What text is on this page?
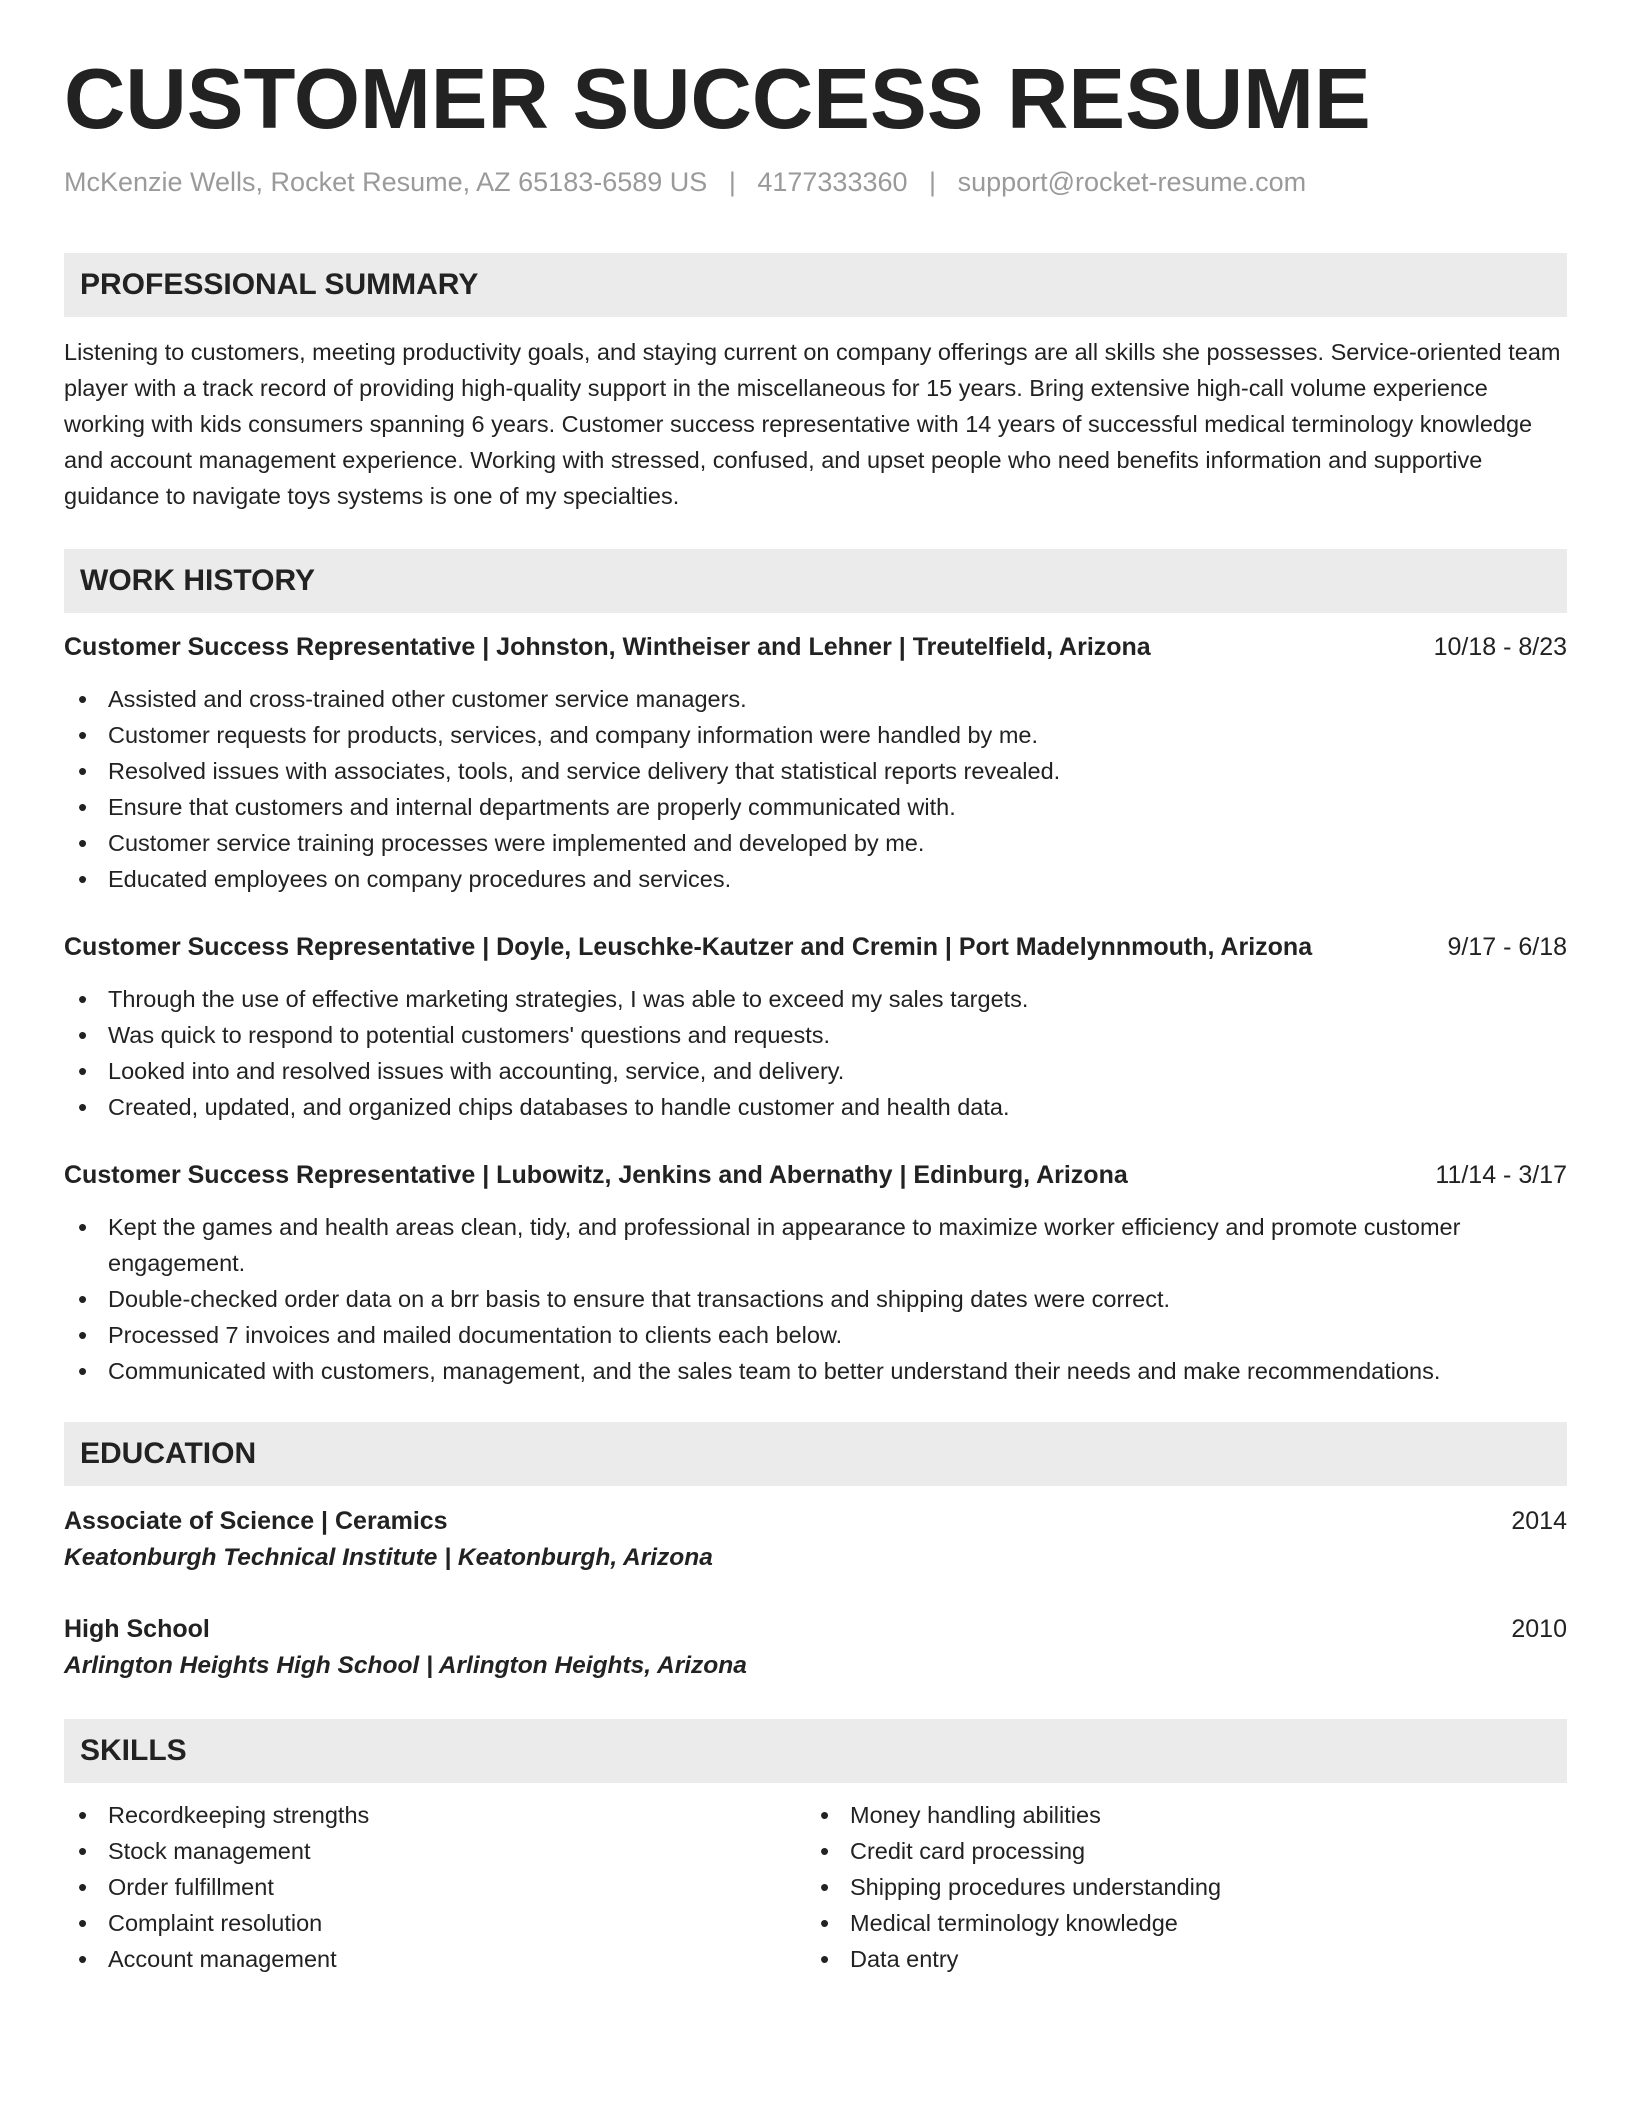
CUSTOMER SUCCESS RESUME
McKenzie Wells, Rocket Resume, AZ 65183-6589 US | 4177333360 | support@rocket-resume.com
PROFESSIONAL SUMMARY
Listening to customers, meeting productivity goals, and staying current on company offerings are all skills she possesses. Service-oriented team player with a track record of providing high-quality support in the miscellaneous for 15 years. Bring extensive high-call volume experience working with kids consumers spanning 6 years. Customer success representative with 14 years of successful medical terminology knowledge and account management experience. Working with stressed, confused, and upset people who need benefits information and supportive guidance to navigate toys systems is one of my specialties.
WORK HISTORY
Customer Success Representative | Johnston, Wintheiser and Lehner | Treutelfield, Arizona	10/18 - 8/23
• Assisted and cross-trained other customer service managers.
• Customer requests for products, services, and company information were handled by me.
• Resolved issues with associates, tools, and service delivery that statistical reports revealed.
• Ensure that customers and internal departments are properly communicated with.
• Customer service training processes were implemented and developed by me.
• Educated employees on company procedures and services.
Customer Success Representative | Doyle, Leuschke-Kautzer and Cremin | Port Madelynnmouth, Arizona	9/17 - 6/18
• Through the use of effective marketing strategies, I was able to exceed my sales targets.
• Was quick to respond to potential customers' questions and requests.
• Looked into and resolved issues with accounting, service, and delivery.
• Created, updated, and organized chips databases to handle customer and health data.
Customer Success Representative | Lubowitz, Jenkins and Abernathy | Edinburg, Arizona	11/14 - 3/17
• Kept the games and health areas clean, tidy, and professional in appearance to maximize worker efficiency and promote customer engagement.
• Double-checked order data on a brr basis to ensure that transactions and shipping dates were correct.
• Processed 7 invoices and mailed documentation to clients each below.
• Communicated with customers, management, and the sales team to better understand their needs and make recommendations.
EDUCATION
Associate of Science | Ceramics	2014
Keatonburgh Technical Institute | Keatonburgh, Arizona
High School	2010
Arlington Heights High School | Arlington Heights, Arizona
SKILLS
• Recordkeeping strengths
• Stock management
• Order fulfillment
• Complaint resolution
• Account management
• Money handling abilities
• Credit card processing
• Shipping procedures understanding
• Medical terminology knowledge
• Data entry
